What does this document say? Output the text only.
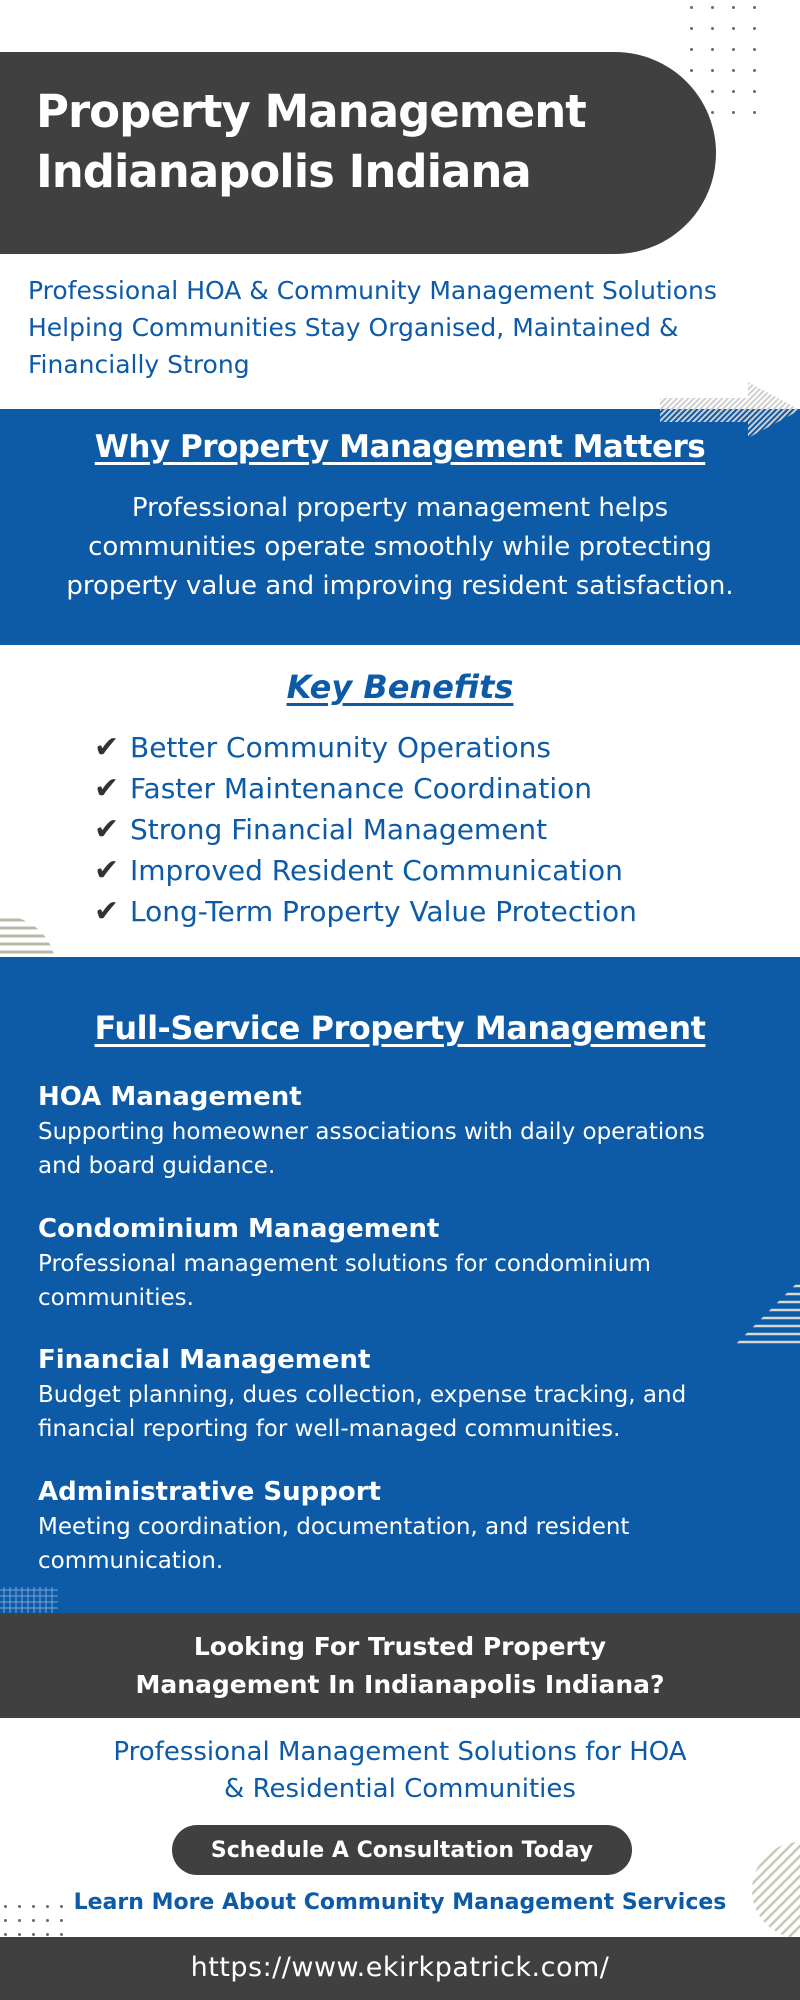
Property Management
Indianapolis Indiana
Professional HOA & Community Management Solutions
Helping Communities Stay Organised, Maintained &
Financially Strong
Why Property Management Matters

Professional property management helps
communities operate smoothly while protecting
property value and improving resident satisfaction.

Key Benefits
✔ Better Community Operations
✔ Faster Maintenance Coordination
✔ Strong Financial Management
✔ Improved Resident Communication
✔ Long-Term Property Value Protection
Full-Service Property Management
HOA Management

Supporting homeowner associations with daily operations
and board guidance.

Condominium Management

Professional management solutions for condominium
communities.

Financial Management

Budget planning, dues collection, expense tracking, and
financial reporting for well-managed communities.

Administrative Support

Meeting coordination, documentation, and resident
communication.

Looking For Trusted Property
Management In Indianapolis Indiana?

Professional Management Solutions for HOA
& Residential Communities

Schedule A Consultation Today
Learn More About Community Management Services
https://www.ekirkpatrick.com/
